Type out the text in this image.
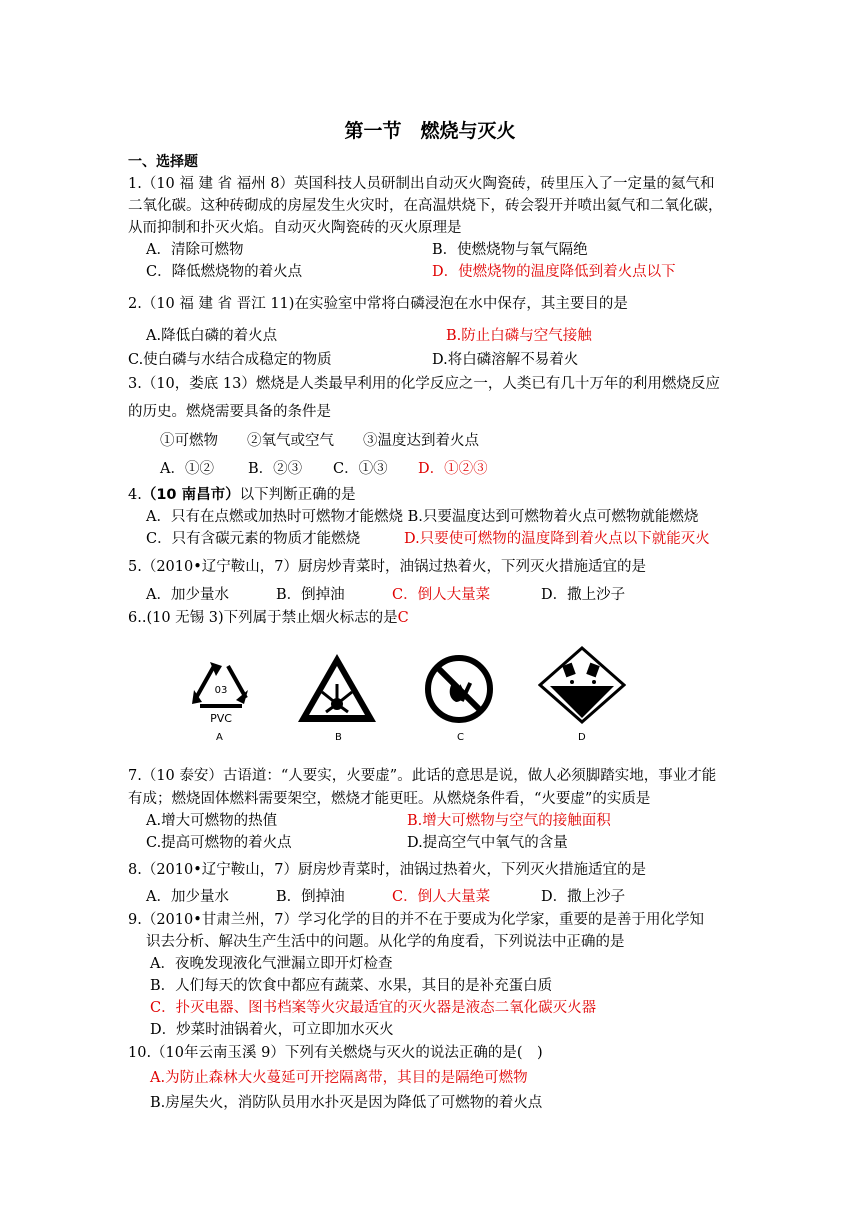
第一节　燃烧与灭火
一、选择题
1.（10 福 建 省 福州 8）英国科技人员研制出自动灭火陶瓷砖，砖里压入了一定量的氦气和
二氧化碳。这种砖砌成的房屋发生火灾时，在高温烘烧下，砖会裂开并喷出氦气和二氧化碳，
从而抑制和扑灭火焰。自动灭火陶瓷砖的灭火原理是
A．清除可燃物	B．使燃烧物与氧气隔绝
C．降低燃烧物的着火点	D．使燃烧物的温度降低到着火点以下
2.（10 福 建 省 晋江 11)在实验室中常将白磷浸泡在水中保存，其主要目的是
A.降低白磷的着火点	B.防止白磷与空气接触
C.使白磷与水结合成稳定的物质	D.将白磷溶解不易着火
3.（10，娄底 13）燃烧是人类最早利用的化学反应之一，人类已有几十万年的利用燃烧反应
的历史。燃烧需要具备的条件是
①可燃物　　②氧气或空气　　③温度达到着火点
A．①② B．②③ C．①③ D．①②③
4.（10 南昌市）以下判断正确的是
A．只有在点燃或加热时可燃物才能燃烧 B.只要温度达到可燃物着火点可燃物就能燃烧
C．只有含碳元素的物质才能燃烧	D.只要使可燃物的温度降到着火点以下就能灭火
5.（2010•辽宁鞍山，7）厨房炒青菜时，油锅过热着火，下列灭火措施适宜的是
A．加少量水	B．倒掉油	C．倒人大量菜	D．撒上沙子
6..(10 无锡 3)下列属于禁止烟火标志的是C
03
PVC
A	B	C	D
7.（10 泰安）古语道：“人要实，火要虚”。此话的意思是说，做人必须脚踏实地，事业才能
有成；燃烧固体燃料需要架空，燃烧才能更旺。从燃烧条件看，“火要虚”的实质是
A.增大可燃物的热值	B.增大可燃物与空气的接触面积
C.提高可燃物的着火点	D.提高空气中氧气的含量
8.（2010•辽宁鞍山，7）厨房炒青菜时，油锅过热着火，下列灭火措施适宜的是
A．加少量水	B．倒掉油	C．倒人大量菜	D．撒上沙子
9.（2010•甘肃兰州，7）学习化学的目的并不在于要成为化学家，重要的是善于用化学知
识去分析、解决生产生活中的问题。从化学的角度看，下列说法中正确的是
A．夜晚发现液化气泄漏立即开灯检查
B．人们每天的饮食中都应有蔬菜、水果，其目的是补充蛋白质
C．扑灭电器、图书档案等火灾最适宜的灭火器是液态二氧化碳灭火器
D．炒菜时油锅着火，可立即加水灭火
10.（10年云南玉溪 9）下列有关燃烧与灭火的说法正确的是(　)
A.为防止森林大火蔓延可开挖隔离带，其目的是隔绝可燃物
B.房屋失火，消防队员用水扑灭是因为降低了可燃物的着火点
